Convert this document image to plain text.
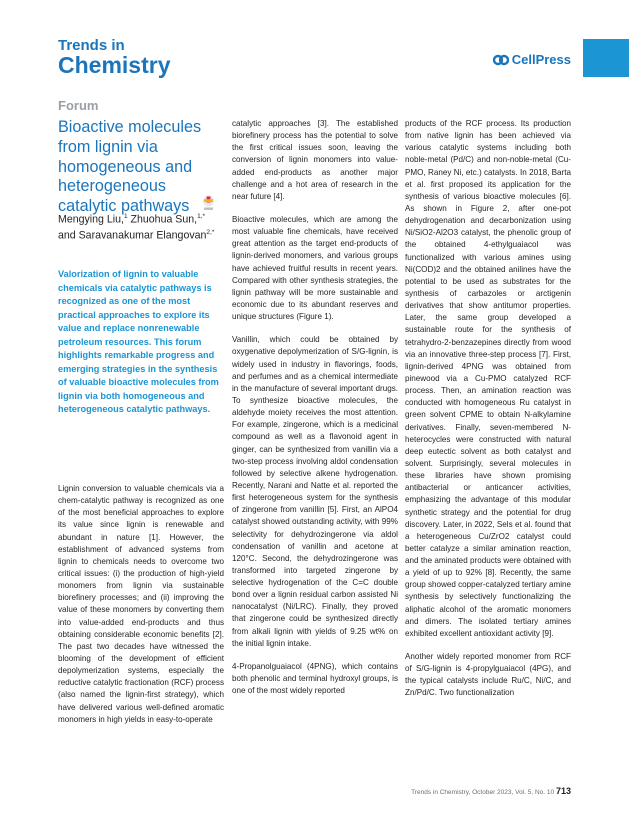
Trends in
Chemistry	CellPress
Forum
Bioactive molecules from lignin via homogeneous and heterogeneous catalytic pathways
Mengying Liu,$^1$ Zhuohua Sun,$^{1,*}$
and Saravanakumar Elangovan$^{2,*}$
Valorization of lignin to valuable chemicals via catalytic pathways is recognized as one of the most practical approaches to explore its value and replace nonrenewable petroleum resources. This forum highlights remarkable progress and emerging strategies in the synthesis of valuable bioactive molecules from lignin via both homogeneous and heterogeneous catalytic pathways.

Lignin conversion to valuable chemicals via a chem-catalytic pathway is recognized as one of the most beneficial approaches to explore its value since lignin is renewable and abundant in nature [1]. However, the establishment of advanced systems from lignin to chemicals needs to overcome two critical issues: (i) the production of high-yield monomers from lignin via sustainable biorefinery processes; and (ii) improving the value of these monomers by converting them into value-added end-products and thus obtaining considerable economic benefits [2]. The past two decades have witnessed the blooming of the development of efficient depolymerization systems, especially the reductive catalytic fractionation (RCF) process (also named the lignin-first strategy), which have delivered various well-defined aromatic monomers in high yields in easy-to-operate

catalytic approaches [3]. The established biorefinery process has the potential to solve the first critical issues soon, leaving the conversion of lignin monomers into value-added end-products as another major challenge and a hot area of research in the near future [4].

Bioactive molecules, which are among the most valuable fine chemicals, have received great attention as the target end-products of lignin-derived monomers, and various groups have achieved fruitful results in recent years. Compared with other synthesis strategies, the lignin pathway will be more sustainable and economic due to its abundant reserves and unique structures (Figure 1).

Vanillin, which could be obtained by oxygenative depolymerization of S/G-lignin, is widely used in industry in flavorings, foods, and perfumes and as a chemical intermediate in the manufacture of several important drugs. To synthesize bioactive molecules, the aldehyde moiety receives the most attention. For example, zingerone, which is a medicinal compound as well as a flavonoid agent in ginger, can be synthesized from vanillin via a two-step process involving aldol condensation followed by selective alkene hydrogenation. Recently, Narani and Natte et al. reported the first heterogeneous system for the synthesis of zingerone from vanillin [5]. First, an AlPO4 catalyst showed outstanding activity, with 99% selectivity for dehydrozingerone via aldol condensation of vanillin and acetone at 120°C. Second, the dehydrozingerone was transformed into targeted zingerone by selective hydrogenation of the C=C double bond over a lignin residual carbon assisted Ni nanocatalyst (Ni/LRC). Finally, they proved that zingerone could be synthesized directly from alkali lignin with yields of 9.25 wt% on the initial lignin intake.

4-Propanolguaiacol (4PNG), which contains both phenolic and terminal hydroxyl groups, is one of the most widely reported

products of the RCF process. Its production from native lignin has been achieved via various catalytic systems including both noble-metal (Pd/C) and non-noble-metal (Cu-PMO, Raney Ni, etc.) catalysts. In 2018, Barta et al. first proposed its application for the synthesis of various bioactive molecules [6]. As shown in Figure 2, after one-pot dehydrogenation and decarbonization using Ni/SiO2-Al2O3 catalyst, the phenolic group of the obtained 4-ethylguaiacol was functionalized with various amines using Ni(COD)2 and the obtained anilines have the potential to be used as substrates for the synthesis of carbazoles or arctigenin derivatives that show antitumor properties. Later, the same group developed a sustainable route for the synthesis of tetrahydro-2-benzazepines directly from wood via an innovative three-step process [7]. First, lignin-derived 4PNG was obtained from pinewood via a Cu-PMO catalyzed RCF process. Then, an amination reaction was conducted with homogeneous Ru catalyst in green solvent CPME to obtain N-alkylamine derivatives. Finally, seven-membered N-heterocycles were constructed with natural deep eutectic solvent as both catalyst and solvent. Surprisingly, several molecules in these libraries have shown promising antibacterial or anticancer activities, emphasizing the advantage of this modular synthetic strategy and the potential for drug discovery. Later, in 2022, Sels et al. found that a heterogeneous Cu/ZrO2 catalyst could better catalyze a similar amination reaction, and the aminated products were obtained with a yield of up to 92% [8]. Recently, the same group showed copper-catalyzed tertiary amine synthesis by selectively functionalizing the aliphatic alcohol of the aromatic monomers and dimers. The isolated tertiary amines exhibited excellent antioxidant activity [9].

Another widely reported monomer from RCF of S/G-lignin is 4-propylguaiacol (4PG), and the typical catalysts include Ru/C, Ni/C, and Zn/Pd/C. Two functionalization

Trends in Chemistry, October 2023, Vol. 5, No. 10 713
